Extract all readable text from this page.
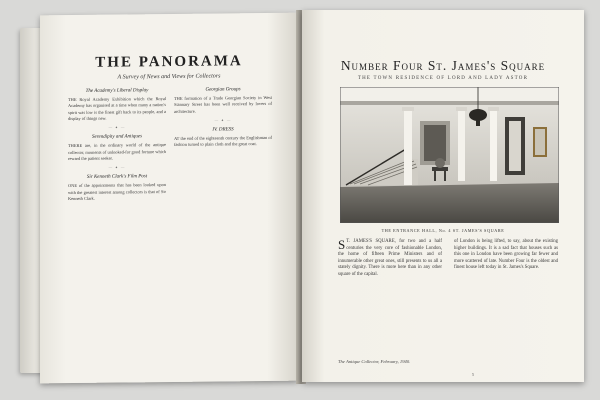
THE PANORAMA
A Survey of News and Views for Collectors
The Academy's Liberal Display

THE Royal Academy Exhibition which the Royal Academy has organised at a time when many a nation's spirit was low is the finest gift back to its people, and a display of things new.

— ✦ —
Serendipity and Antiques

THERE are, in the ordinary world of the antique collector, moments of unlooked-for good fortune which reward the patient seeker.

— ✦ —
Sir Kenneth Clark's Film Post

ONE of the appointments that has been looked upon with the greatest interest among collectors is that of Sir Kenneth Clark.

Georgian Groups

THE formation of a Trade Georgian Society in West Stannary Street has been well received by lovers of architecture.

— ✦ —
IV. DRESS

AT the end of the eighteenth century the Englishman of fashion turned to plain cloth and the great coat.

Number Four St. James's Square
THE TOWN RESIDENCE OF LORD AND LADY ASTOR
THE ENTRANCE HALL, No. 4 ST. JAMES'S SQUARE
S T. JAMES'S SQUARE, for two and a half centuries the very core of fashionable London, the home of fifteen Prime Ministers and of innumerable other great ones, still presents to us all a stately dignity. There is more here than in any other square of the capital.
of London is being lifted, to say, about the existing higher buildings. It is a sad fact that houses such as this one in London have been growing far fewer and more scattered of late. Number Four is the oldest and finest house left today in St. James's Square.
The Antique Collector, February, 1940.
5
